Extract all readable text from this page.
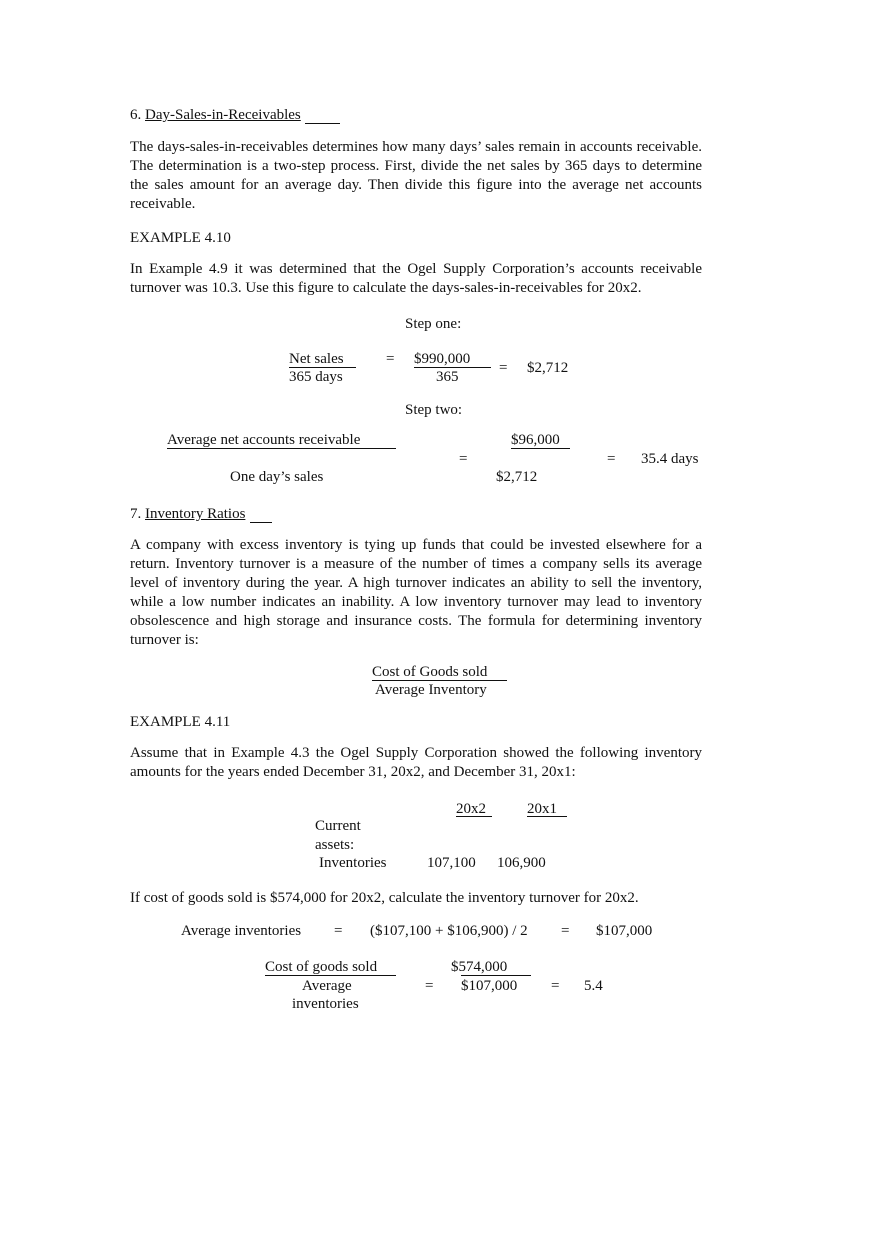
6. Day-Sales-in-Receivables
The days-sales-in-receivables determines how many days’ sales remain in accounts receivable. The determination is a two-step process. First, divide the net sales by 365 days to determine the sales amount for an average day. Then divide this figure into the average net accounts receivable.
EXAMPLE 4.10
In Example 4.9 it was determined that the Ogel Supply Corporation’s accounts receivable turnover was 10.3. Use this figure to calculate the days-sales-in-receivables for 20x2.
Step one:
Net sales
365 days
= $990,000
365
= $2,712
Step two:
Average net accounts receivable
One day’s sales
=
$96,000
$2,712
= 35.4 days
7. Inventory Ratios
A company with excess inventory is tying up funds that could be invested elsewhere for a return. Inventory turnover is a measure of the number of times a company sells its average level of inventory during the year. A high turnover indicates an ability to sell the inventory, while a low number indicates an inability. A low inventory turnover may lead to inventory obsolescence and high storage and insurance costs. The formula for determining inventory turnover is:
Cost of Goods sold
Average Inventory
EXAMPLE 4.11
Assume that in Example 4.3 the Ogel Supply Corporation showed the following inventory amounts for the years ended December 31, 20x2, and December 31, 20x1:
20x2	20x1
Current
assets:
Inventories	107,100 106,900
If cost of goods sold is $574,000 for 20x2, calculate the inventory turnover for 20x2.
Average inventories = ($107,100 + $106,900) / 2 = $107,000
Cost of goods sold
Average
inventories
=
$574,000
$107,000 = 5.4
